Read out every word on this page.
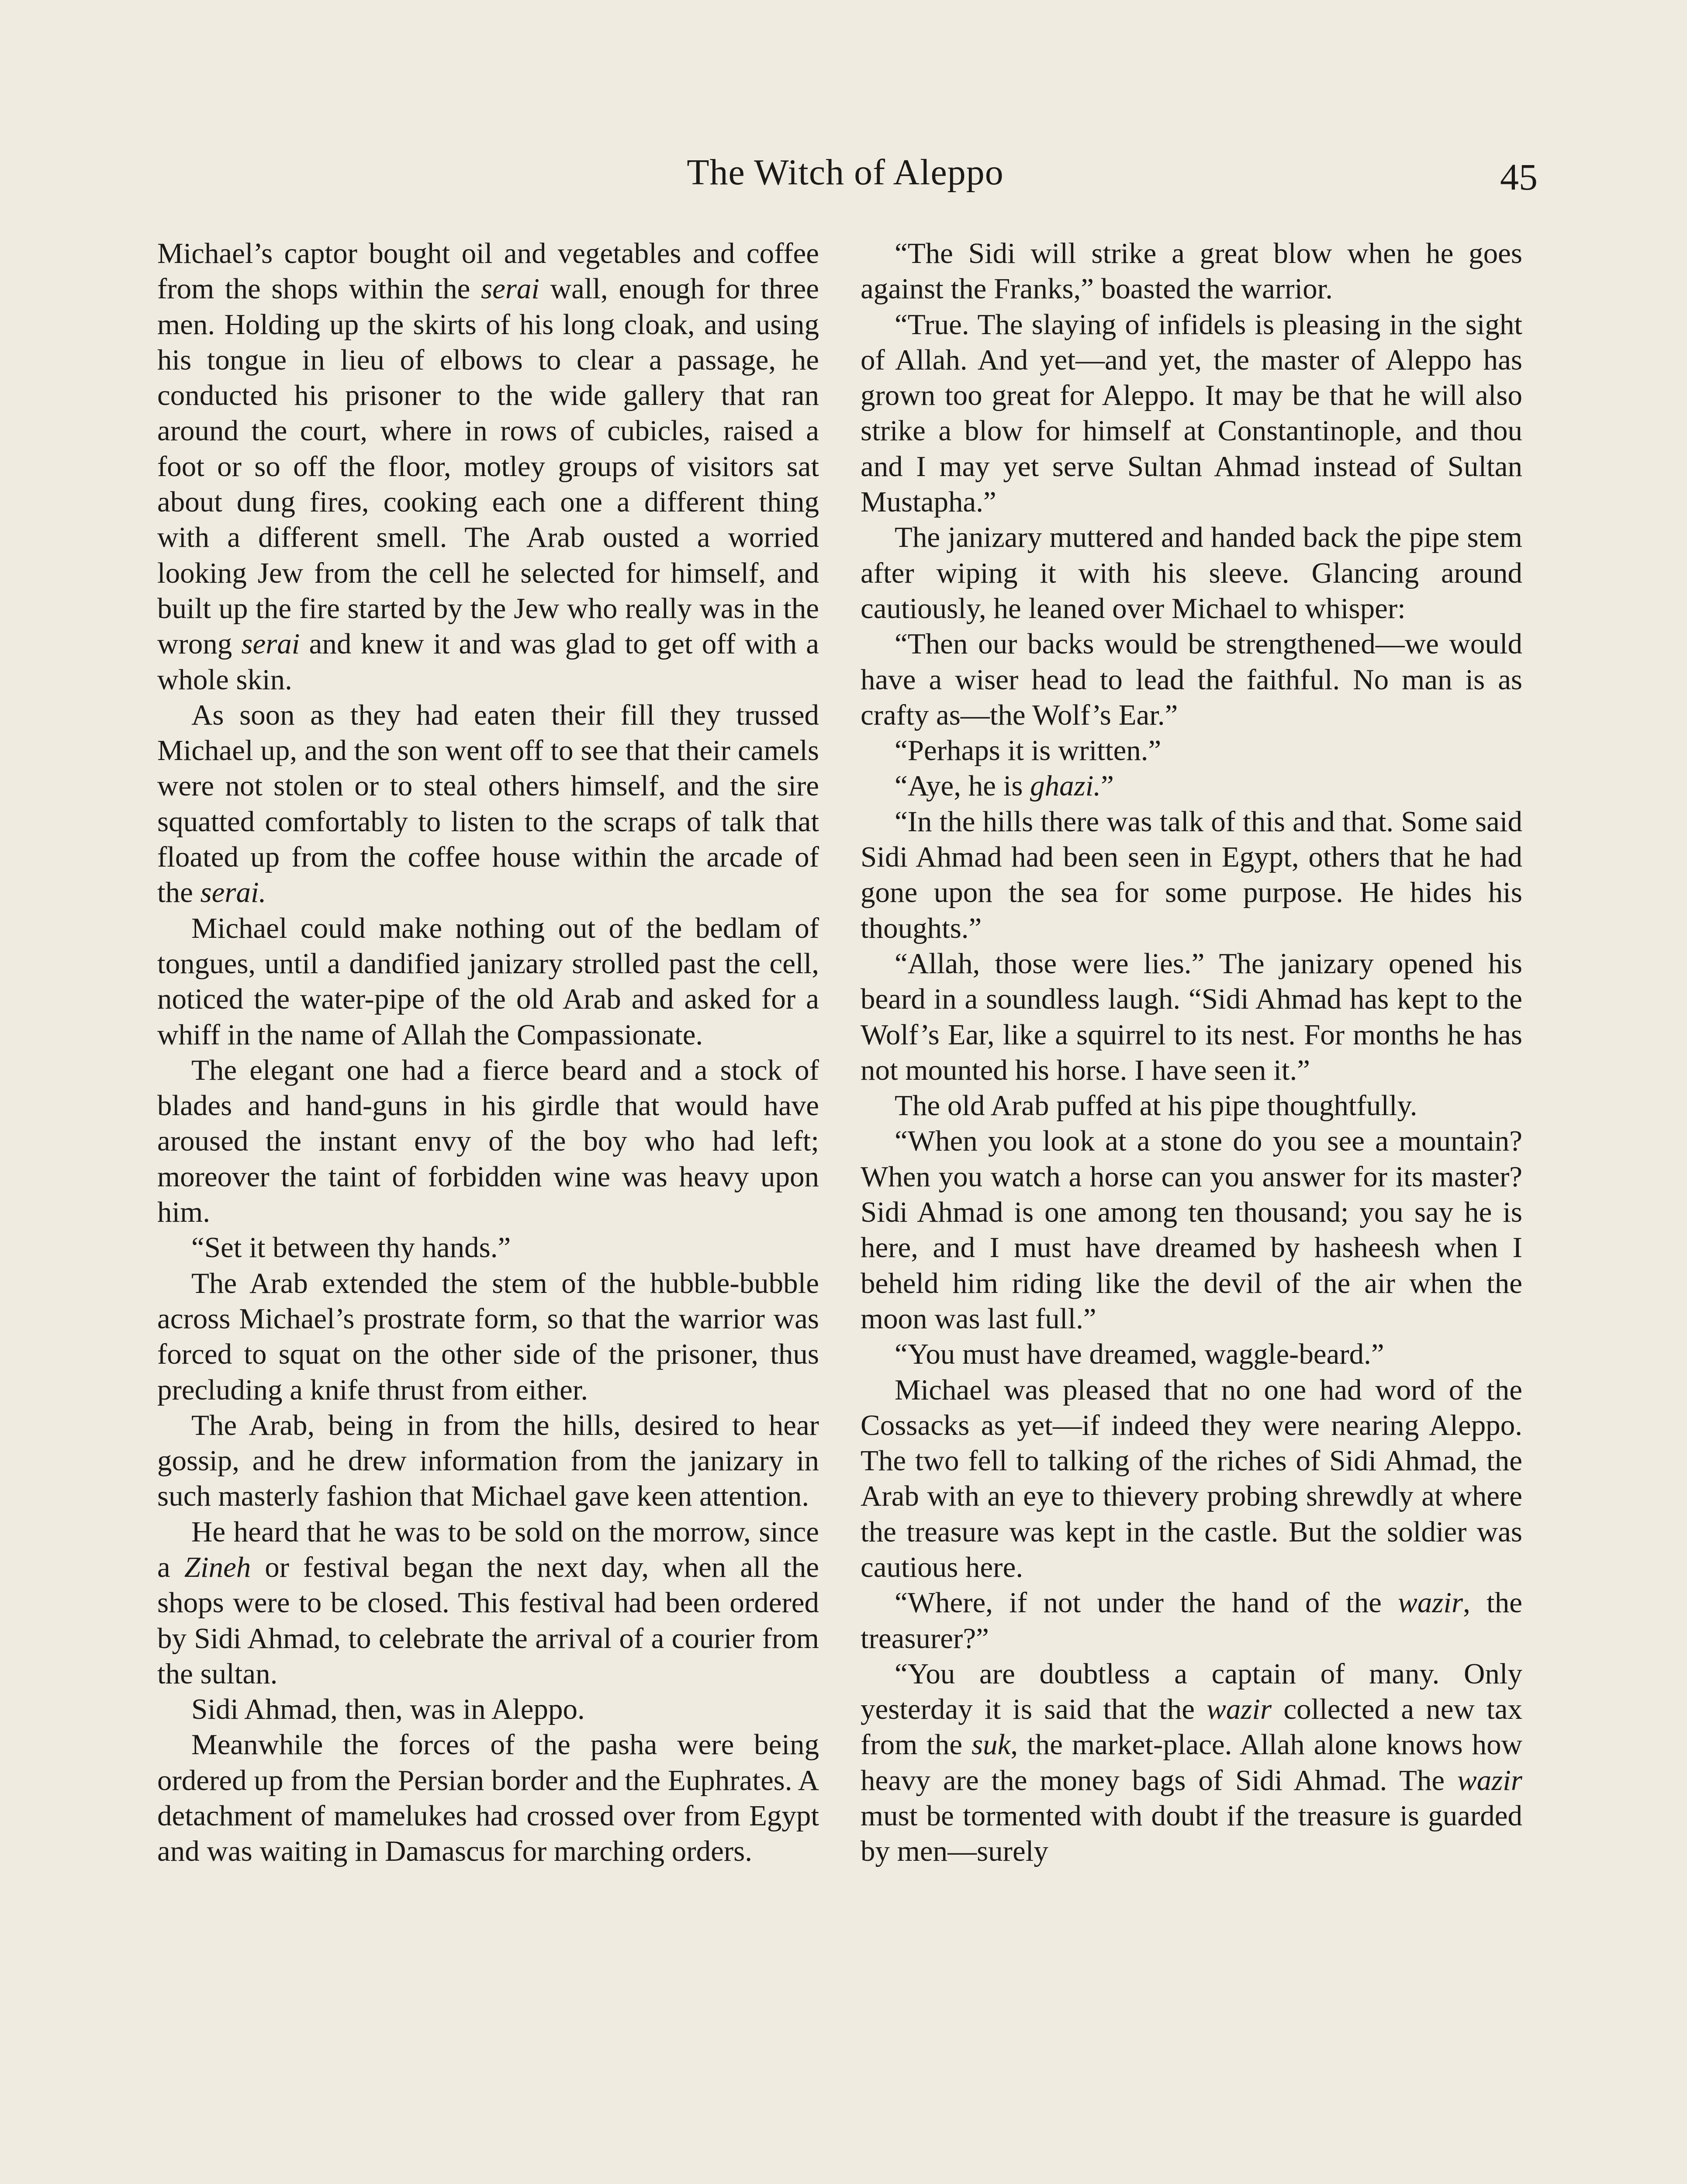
The Witch of Aleppo	45

Michael’s captor bought oil and vegetables and coffee from the shops within the serai wall, enough for three men. Holding up the skirts of his long cloak, and using his tongue in lieu of elbows to clear a passage, he conducted his prisoner to the wide gallery that ran around the court, where in rows of cubicles, raised a foot or so off the floor, motley groups of visitors sat about dung fires, cooking each one a different thing with a different smell. The Arab ousted a worried looking Jew from the cell he selected for himself, and built up the fire started by the Jew who really was in the wrong serai and knew it and was glad to get off with a whole skin.

As soon as they had eaten their fill they trussed Michael up, and the son went off to see that their camels were not stolen or to steal others himself, and the sire squatted comfortably to listen to the scraps of talk that floated up from the coffee house within the arcade of the serai.

Michael could make nothing out of the bedlam of tongues, until a dandified janizary strolled past the cell, noticed the water-pipe of the old Arab and asked for a whiff in the name of Allah the Compassionate.

The elegant one had a fierce beard and a stock of blades and hand-guns in his girdle that would have aroused the instant envy of the boy who had left; moreover the taint of forbidden wine was heavy upon him.

“Set it between thy hands.”

The Arab extended the stem of the hubble-bubble across Michael’s prostrate form, so that the warrior was forced to squat on the other side of the prisoner, thus precluding a knife thrust from either.

The Arab, being in from the hills, desired to hear gossip, and he drew information from the janizary in such masterly fashion that Michael gave keen attention.

He heard that he was to be sold on the morrow, since a Zineh or festival began the next day, when all the shops were to be closed. This festival had been ordered by Sidi Ahmad, to celebrate the arrival of a courier from the sultan.

Sidi Ahmad, then, was in Aleppo.

Meanwhile the forces of the pasha were being ordered up from the Persian border and the Euphrates. A detachment of mamelukes had crossed over from Egypt and was waiting in Damascus for marching orders.

“The Sidi will strike a great blow when he goes against the Franks,” boasted the warrior.

“True. The slaying of infidels is pleasing in the sight of Allah. And yet—and yet, the master of Aleppo has grown too great for Aleppo. It may be that he will also strike a blow for himself at Constantinople, and thou and I may yet serve Sultan Ahmad instead of Sultan Mustapha.”

The janizary muttered and handed back the pipe stem after wiping it with his sleeve. Glancing around cautiously, he leaned over Michael to whisper:

“Then our backs would be strengthened—we would have a wiser head to lead the faithful. No man is as crafty as—the Wolf’s Ear.”

“Perhaps it is written.”

“Aye, he is ghazi.”

“In the hills there was talk of this and that. Some said Sidi Ahmad had been seen in Egypt, others that he had gone upon the sea for some purpose. He hides his thoughts.”

“Allah, those were lies.” The janizary opened his beard in a soundless laugh. “Sidi Ahmad has kept to the Wolf’s Ear, like a squirrel to its nest. For months he has not mounted his horse. I have seen it.”

The old Arab puffed at his pipe thoughtfully.

“When you look at a stone do you see a mountain? When you watch a horse can you answer for its master? Sidi Ahmad is one among ten thousand; you say he is here, and I must have dreamed by hasheesh when I beheld him riding like the devil of the air when the moon was last full.”

“You must have dreamed, waggle-beard.”

Michael was pleased that no one had word of the Cossacks as yet—if indeed they were nearing Aleppo. The two fell to talking of the riches of Sidi Ahmad, the Arab with an eye to thievery probing shrewdly at where the treasure was kept in the castle. But the soldier was cautious here.

“Where, if not under the hand of the wazir, the treasurer?”

“You are doubtless a captain of many. Only yesterday it is said that the wazir collected a new tax from the suk, the market-place. Allah alone knows how heavy are the money bags of Sidi Ahmad. The wazir must be tormented with doubt if the treasure is guarded by men—surely
